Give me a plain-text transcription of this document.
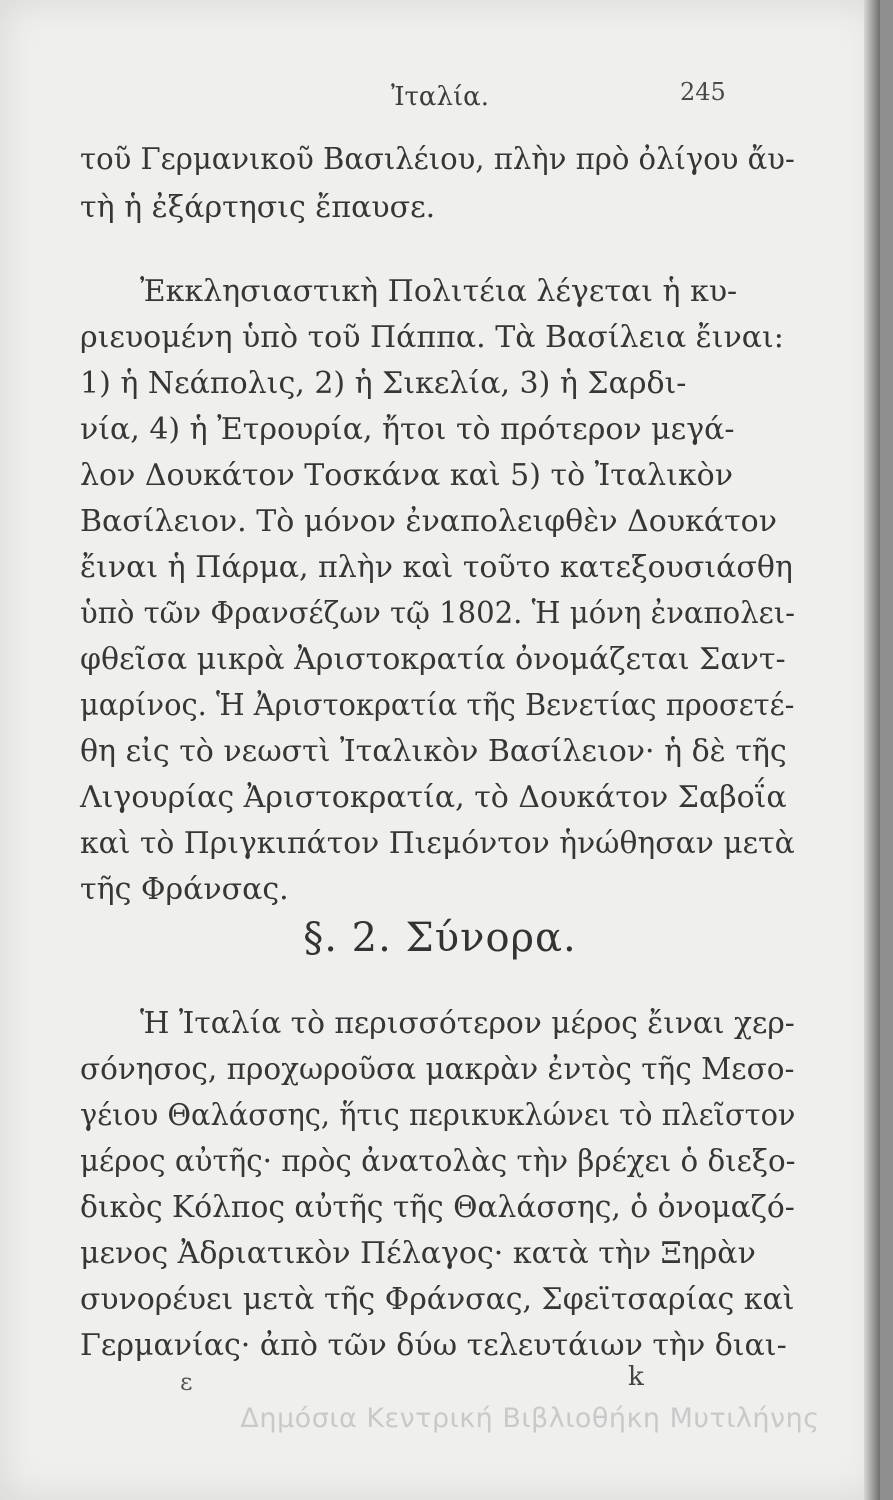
Ἰταλία.	245
τοῦ Γερμανικοῦ Βασιλέιου, πλὴν πρὸ ὀλίγου ἄυ-
τὴ ἡ ἐξάρτησις ἔπαυσε.
Ἐκκλησιαστικὴ Πολιτέια λέγεται ἡ κυ-
ριευομένη ὑπὸ τοῦ Πάππα. Τὰ Βασίλεια ἔιναι:
1) ἡ Νεάπολις, 2) ἡ Σικελία, 3) ἡ Σαρδι-
νία, 4) ἡ Ἐτρουρία, ἤτοι τὸ πρότερον μεγά-
λον Δουκάτον Τοσκάνα καὶ 5) τὸ Ἰταλικὸν
Βασίλειον. Τὸ μόνον ἐναπολειφθὲν Δουκάτον
ἔιναι ἡ Πάρμα, πλὴν καὶ τοῦτο κατεξουσιάσθη
ὑπὸ τῶν Φρανσέζων τῷ 1802. Ἡ μόνη ἐναπολει-
φθεῖσα μικρὰ Ἀριστοκρατία ὀνομάζεται Σαντ-
μαρίνος. Ἡ Ἀριστοκρατία τῆς Βενετίας προσετέ-
θη εἰς τὸ νεωστὶ Ἰταλικὸν Βασίλειον· ἡ δὲ τῆς
Λιγουρίας Ἀριστοκρατία, τὸ Δουκάτον Σαβοΐα
καὶ τὸ Πριγκιπάτον Πιεμόντον ἡνώθησαν μετὰ
τῆς Φράνσας.
§. 2. Σύνορα.
Ἡ Ἰταλία τὸ περισσότερον μέρος ἔιναι χερ-
σόνησος, προχωροῦσα μακρὰν ἐντὸς τῆς Μεσο-
γέιου Θαλάσσης, ἥτις περικυκλώνει τὸ πλεῖστον
μέρος αὐτῆς· πρὸς ἀνατολὰς τὴν βρέχει ὁ διεξο-
δικὸς Κόλπος αὐτῆς τῆς Θαλάσσης, ὁ ὀνομαζό-
μενος Ἀδριατικὸν Πέλαγος· κατὰ τὴν Ξηρὰν
συνορέυει μετὰ τῆς Φράνσας, Σφεϊτσαρίας καὶ
Γερμανίας· ἀπὸ τῶν δύω τελευτάιων τὴν διαι-
ε	k
Δημόσια Κεντρική Βιβλιοθήκη Μυτιλήνης
